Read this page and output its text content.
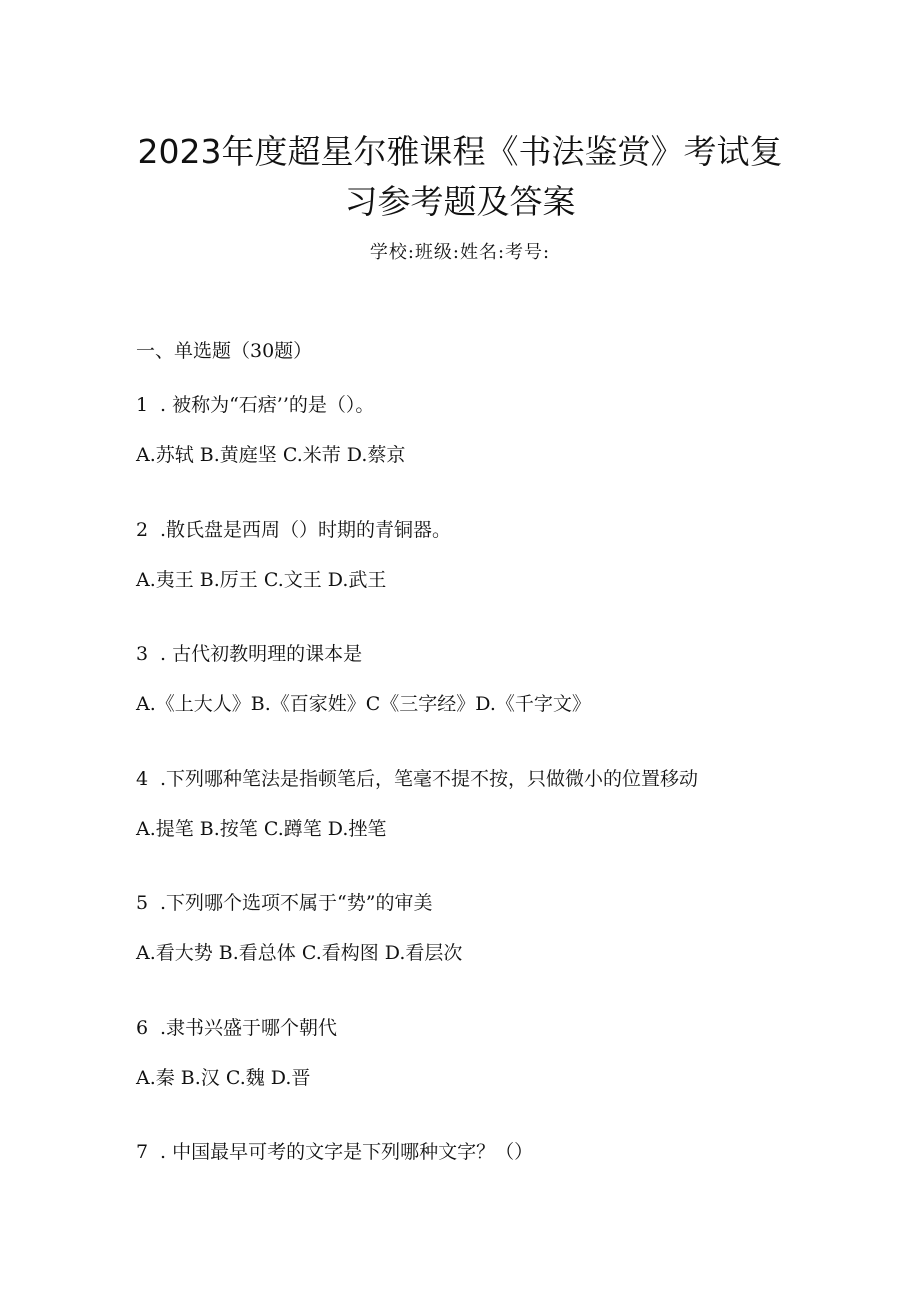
2023年度超星尔雅课程《书法鉴赏》考试复
习参考题及答案
学校:班级:姓名:考号:
一、单选题（30题）
1 . 被称为“石痞’’的是（）。
A.苏轼 B.黄庭坚 C.米芾 D.蔡京
2 .散氏盘是西周（）时期的青铜器。
A.夷王 B.厉王 C.文王 D.武王
3 . 古代初教明理的课本是
A.《上大人》B.《百家姓》C《三字经》D.《千字文》
4 .下列哪种笔法是指顿笔后，笔毫不提不按，只做微小的位置移动
A.提笔 B.按笔 C.蹲笔 D.挫笔
5 .下列哪个选项不属于“势”的审美
A.看大势 B.看总体 C.看构图 D.看层次
6 .隶书兴盛于哪个朝代
A.秦 B.汉 C.魏 D.晋
7 . 中国最早可考的文字是下列哪种文字？（）
